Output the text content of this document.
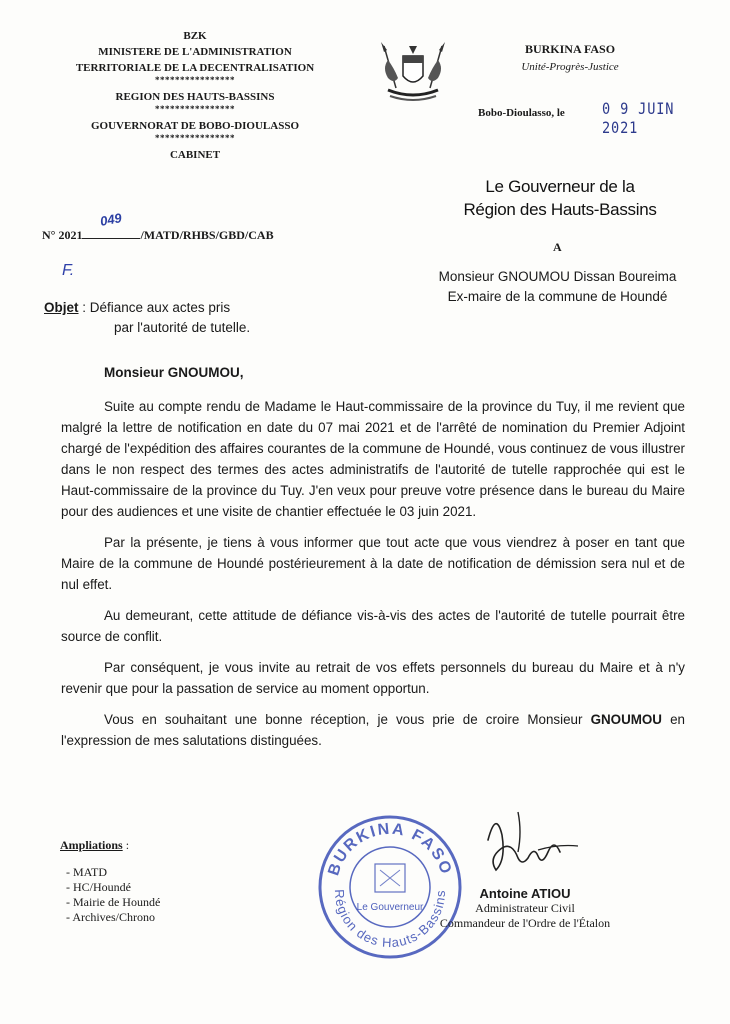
BZK
MINISTERE DE L'ADMINISTRATION
TERRITORIALE DE LA DECENTRALISATION
****************
REGION DES HAUTS-BASSINS
****************
GOUVERNORAT DE BOBO-DIOULASSO
****************
CABINET
BURKINA FASO
Unité-Progrès-Justice
Bobo-Dioulasso, le 0 9 JUIN 2021
Le Gouverneur de la
Région des Hauts-Bassins
N° 2021
049
/MATD/RHBS/GBD/CAB
F.
A
Monsieur GNOUMOU Dissan Boureima
Ex-maire de la commune de Houndé
Objet : Défiance aux actes pris
par l'autorité de tutelle.
Monsieur GNOUMOU,

Suite au compte rendu de Madame le Haut-commissaire de la province du Tuy, il me revient que malgré la lettre de notification en date du 07 mai 2021 et de l'arrêté de nomination du Premier Adjoint chargé de l'expédition des affaires courantes de la commune de Houndé, vous continuez de vous illustrer dans le non respect des termes des actes administratifs de l'autorité de tutelle rapprochée qui est le Haut-commissaire de la province du Tuy. J'en veux pour preuve votre présence dans le bureau du Maire pour des audiences et une visite de chantier effectuée le 03 juin 2021.

Par la présente, je tiens à vous informer que tout acte que vous viendrez à poser en tant que Maire de la commune de Houndé postérieurement à la date de notification de démission sera nul et de nul effet.

Au demeurant, cette attitude de défiance vis-à-vis des actes de l'autorité de tutelle pourrait être source de conflit.

Par conséquent, je vous invite au retrait de vos effets personnels du bureau du Maire et à n'y revenir que pour la passation de service au moment opportun.

Vous en souhaitant une bonne réception, je vous prie de croire Monsieur GNOUMOU en l'expression de mes salutations distinguées.

Ampliations :
- MATD
- HC/Houndé
- Mairie de Houndé
- Archives/Chrono
BURKINA FASO
Région des Hauts-Bassins
Le Gouverneur
Antoine ATIOU
Administrateur Civil
Commandeur de l'Ordre de l'Étalon
